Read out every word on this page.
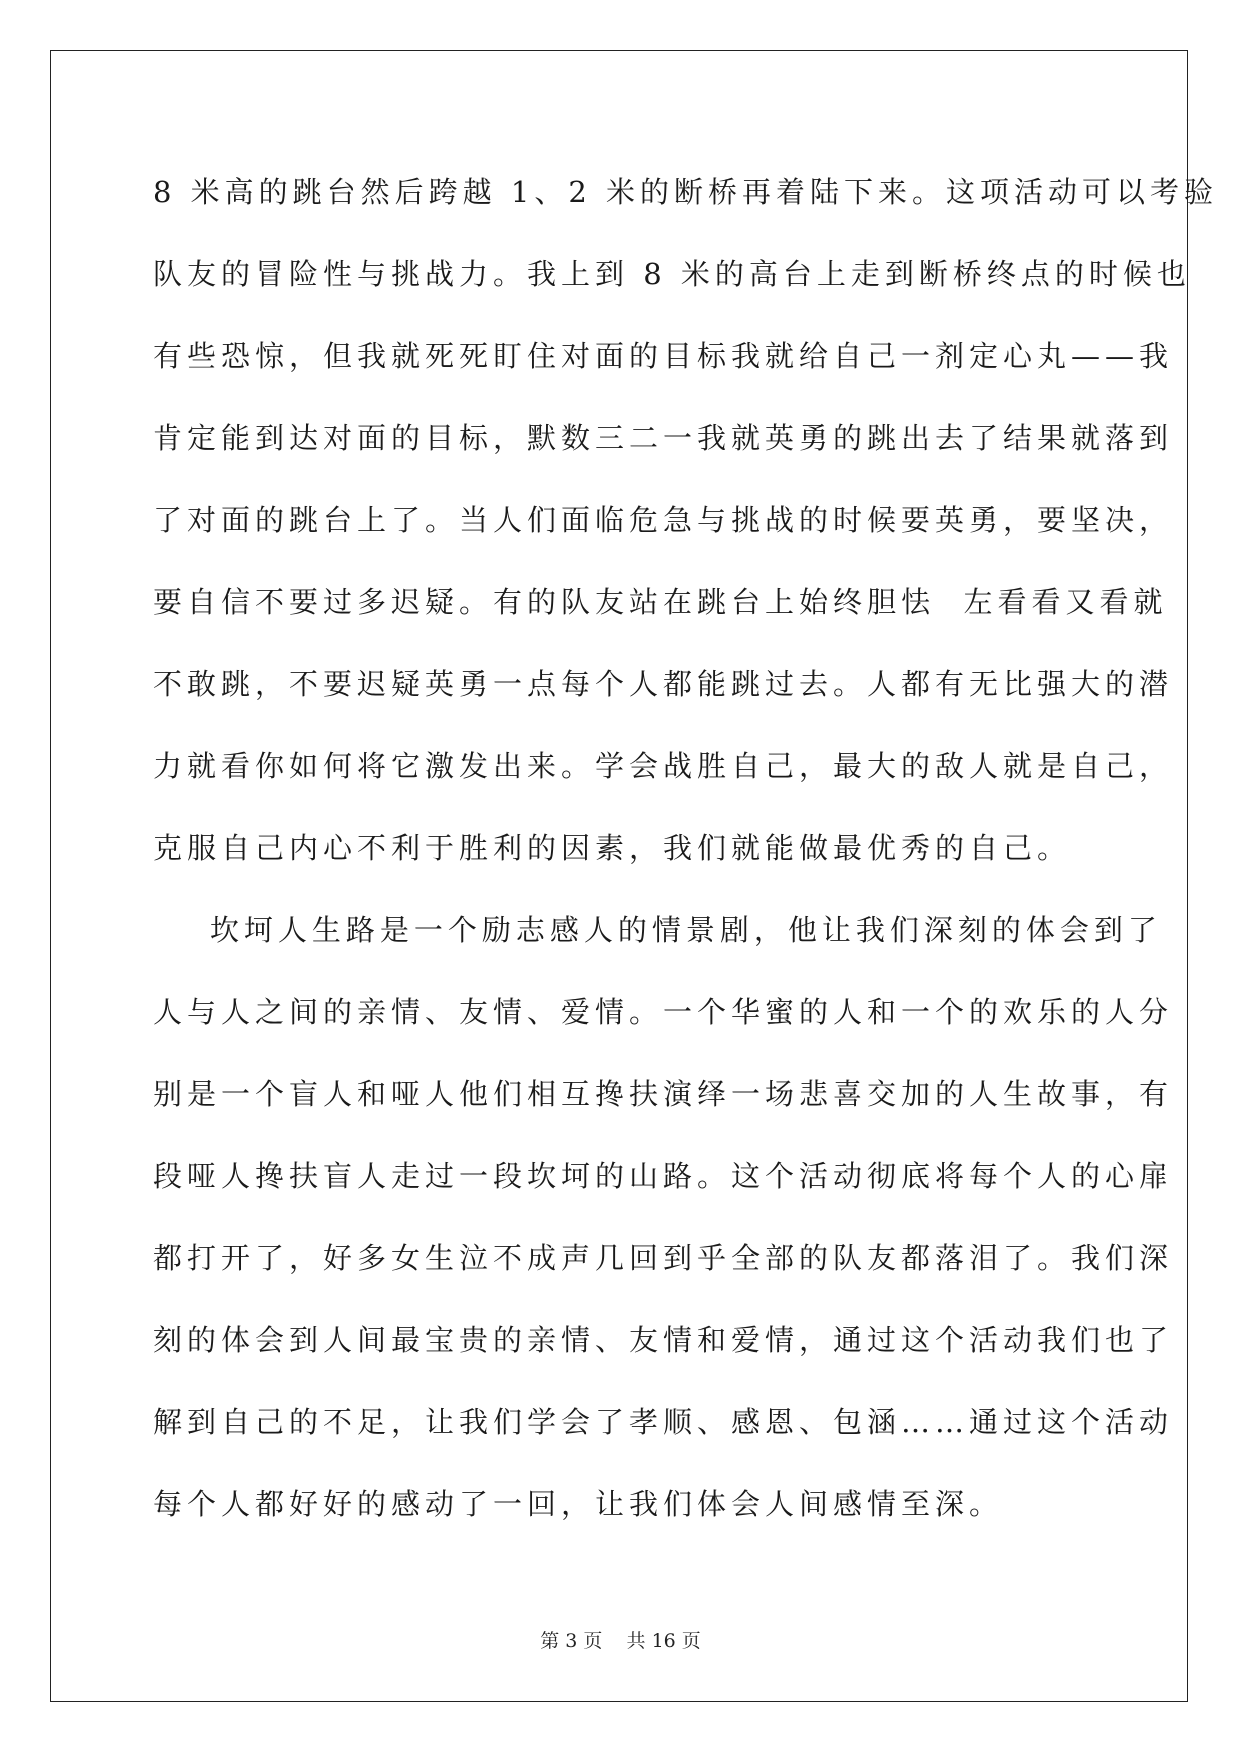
8 米高的跳台然后跨越 1、2 米的断桥再着陆下来。这项活动可以考验
队友的冒险性与挑战力。我上到 8 米的高台上走到断桥终点的时候也
有些恐惊，但我就死死盯住对面的目标我就给自己一剂定心丸——我
肯定能到达对面的目标，默数三二一我就英勇的跳出去了结果就落到
了对面的跳台上了。当人们面临危急与挑战的时候要英勇，要坚决，
要自信不要过多迟疑。有的队友站在跳台上始终胆怯  左看看又看就
不敢跳，不要迟疑英勇一点每个人都能跳过去。人都有无比强大的潜
力就看你如何将它激发出来。学会战胜自己，最大的敌人就是自己，
克服自己内心不利于胜利的因素，我们就能做最优秀的自己。
坎坷人生路是一个励志感人的情景剧，他让我们深刻的体会到了
人与人之间的亲情、友情、爱情。一个华蜜的人和一个的欢乐的人分
别是一个盲人和哑人他们相互搀扶演绎一场悲喜交加的人生故事，有
段哑人搀扶盲人走过一段坎坷的山路。这个活动彻底将每个人的心扉
都打开了，好多女生泣不成声几回到乎全部的队友都落泪了。我们深
刻的体会到人间最宝贵的亲情、友情和爱情，通过这个活动我们也了
解到自己的不足，让我们学会了孝顺、感恩、包涵……通过这个活动
每个人都好好的感动了一回，让我们体会人间感情至深。
第 3 页    共 16 页
